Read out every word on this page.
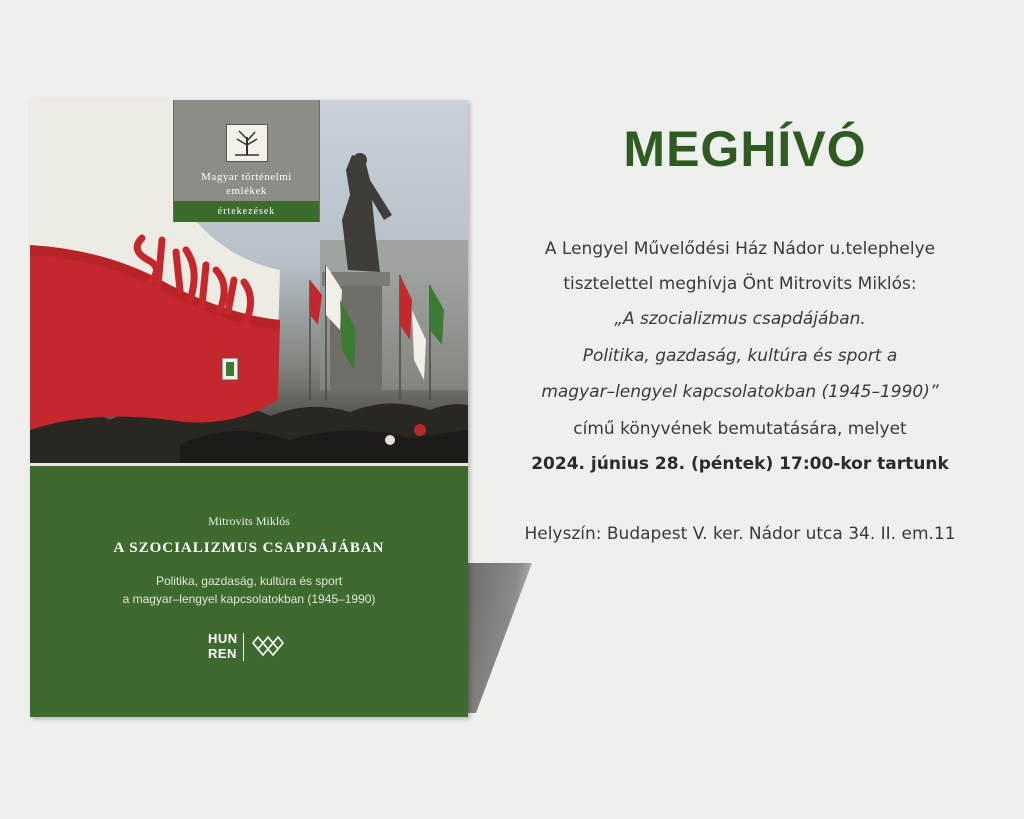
Magyar történelmi
emlékek
értekezések
Mitrovits Miklós
A SZOCIALIZMUS CSAPDÁJÁBAN
Politika, gazdaság, kultúra és sport
a magyar–lengyel kapcsolatokban (1945–1990)
HUN
REN
MEGHÍVÓ
A Lengyel Művelődési Ház Nádor u.telephelye
tisztelettel meghívja Önt Mitrovits Miklós:
„A szocializmus csapdájában.
Politika, gazdaság, kultúra és sport a
magyar–lengyel kapcsolatokban (1945–1990)”
című könyvének bemutatására, melyet
2024. június 28. (péntek) 17:00-kor tartunk
Helyszín: Budapest V. ker. Nádor utca 34. II. em.11
